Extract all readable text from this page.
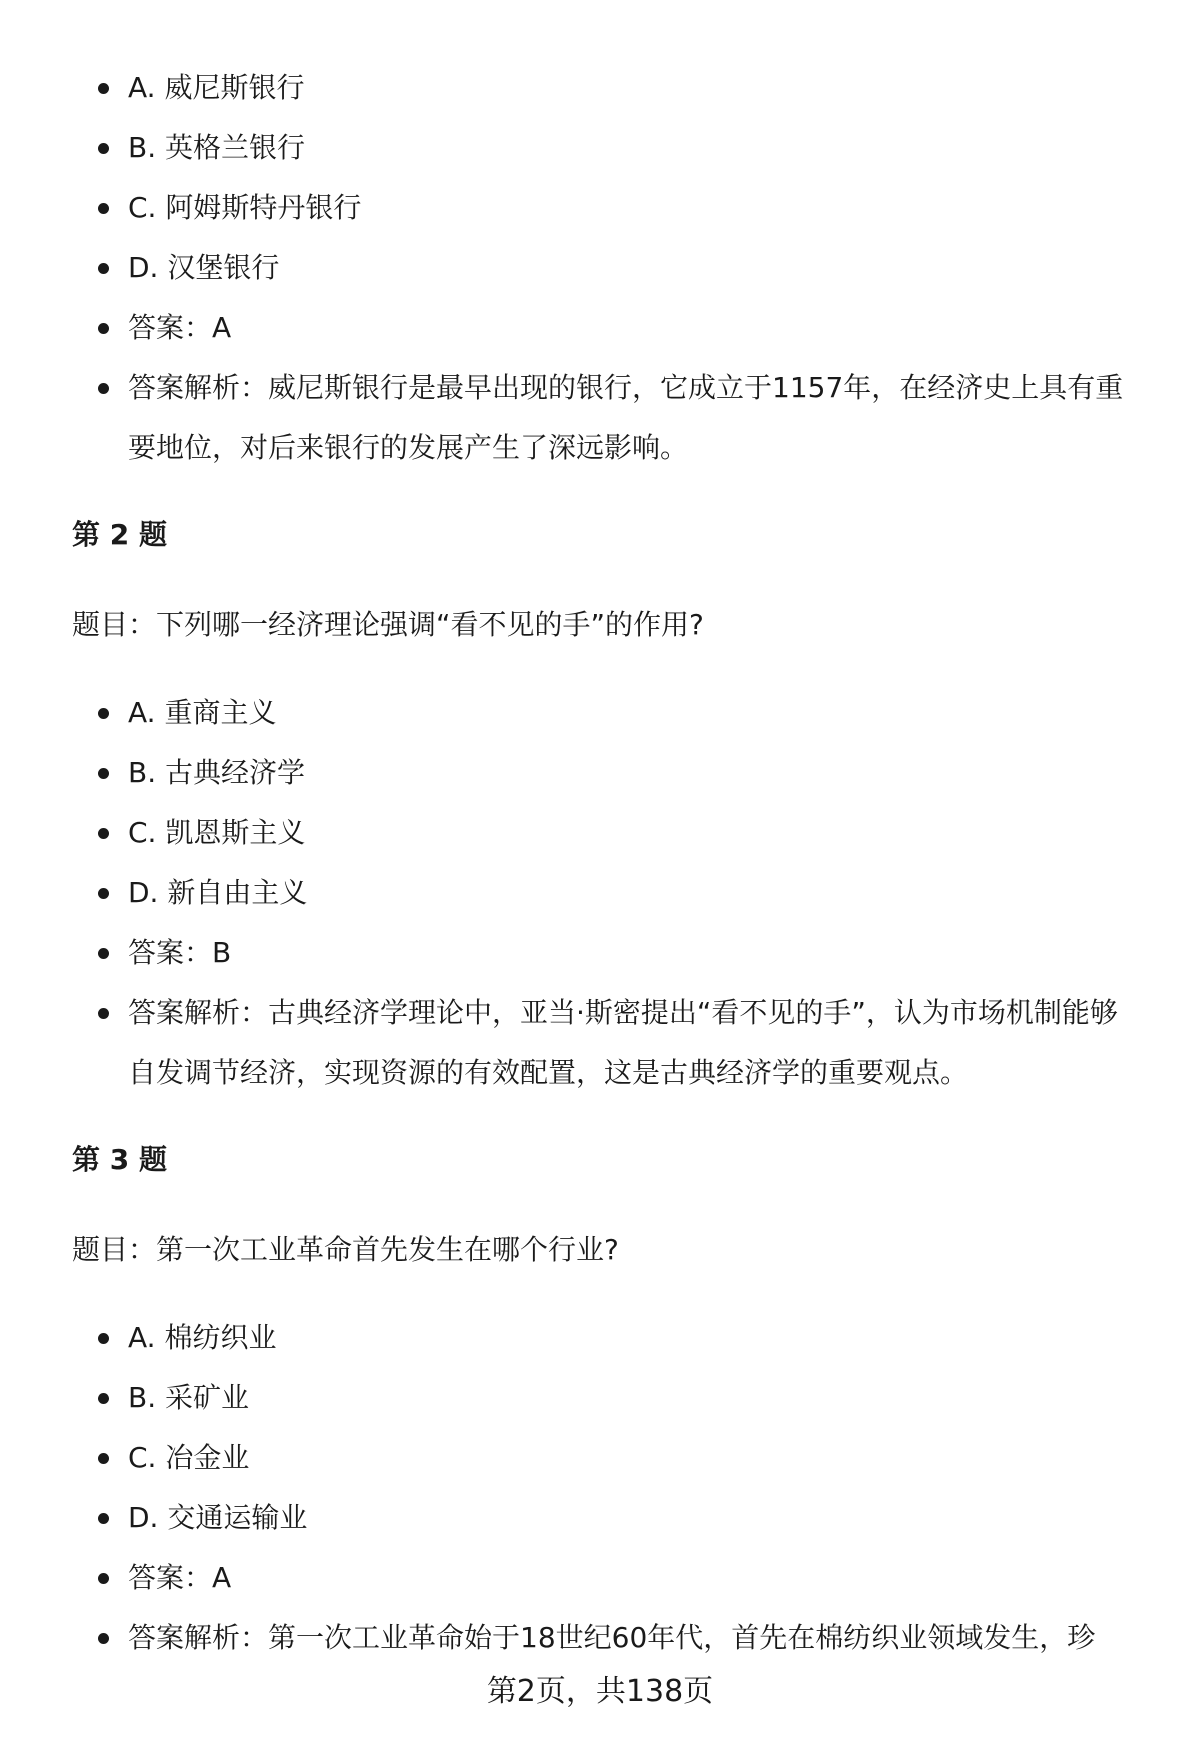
A. 威尼斯银行
B. 英格兰银行
C. 阿姆斯特丹银行
D. 汉堡银行
答案：A
答案解析：威尼斯银行是最早出现的银行，它成立于1157年，在经济史上具有重要地位，对后来银行的发展产生了深远影响。
第 2 题

题目：下列哪一经济理论强调“看不见的手”的作用?

A. 重商主义
B. 古典经济学
C. 凯恩斯主义
D. 新自由主义
答案：B
答案解析：古典经济学理论中，亚当·斯密提出“看不见的手”，认为市场机制能够自发调节经济，实现资源的有效配置，这是古典经济学的重要观点。
第 3 题

题目：第一次工业革命首先发生在哪个行业?

A. 棉纺织业
B. 采矿业
C. 冶金业
D. 交通运输业
答案：A
答案解析：第一次工业革命始于18世纪60年代，首先在棉纺织业领域发生，珍
第2页，共138页
